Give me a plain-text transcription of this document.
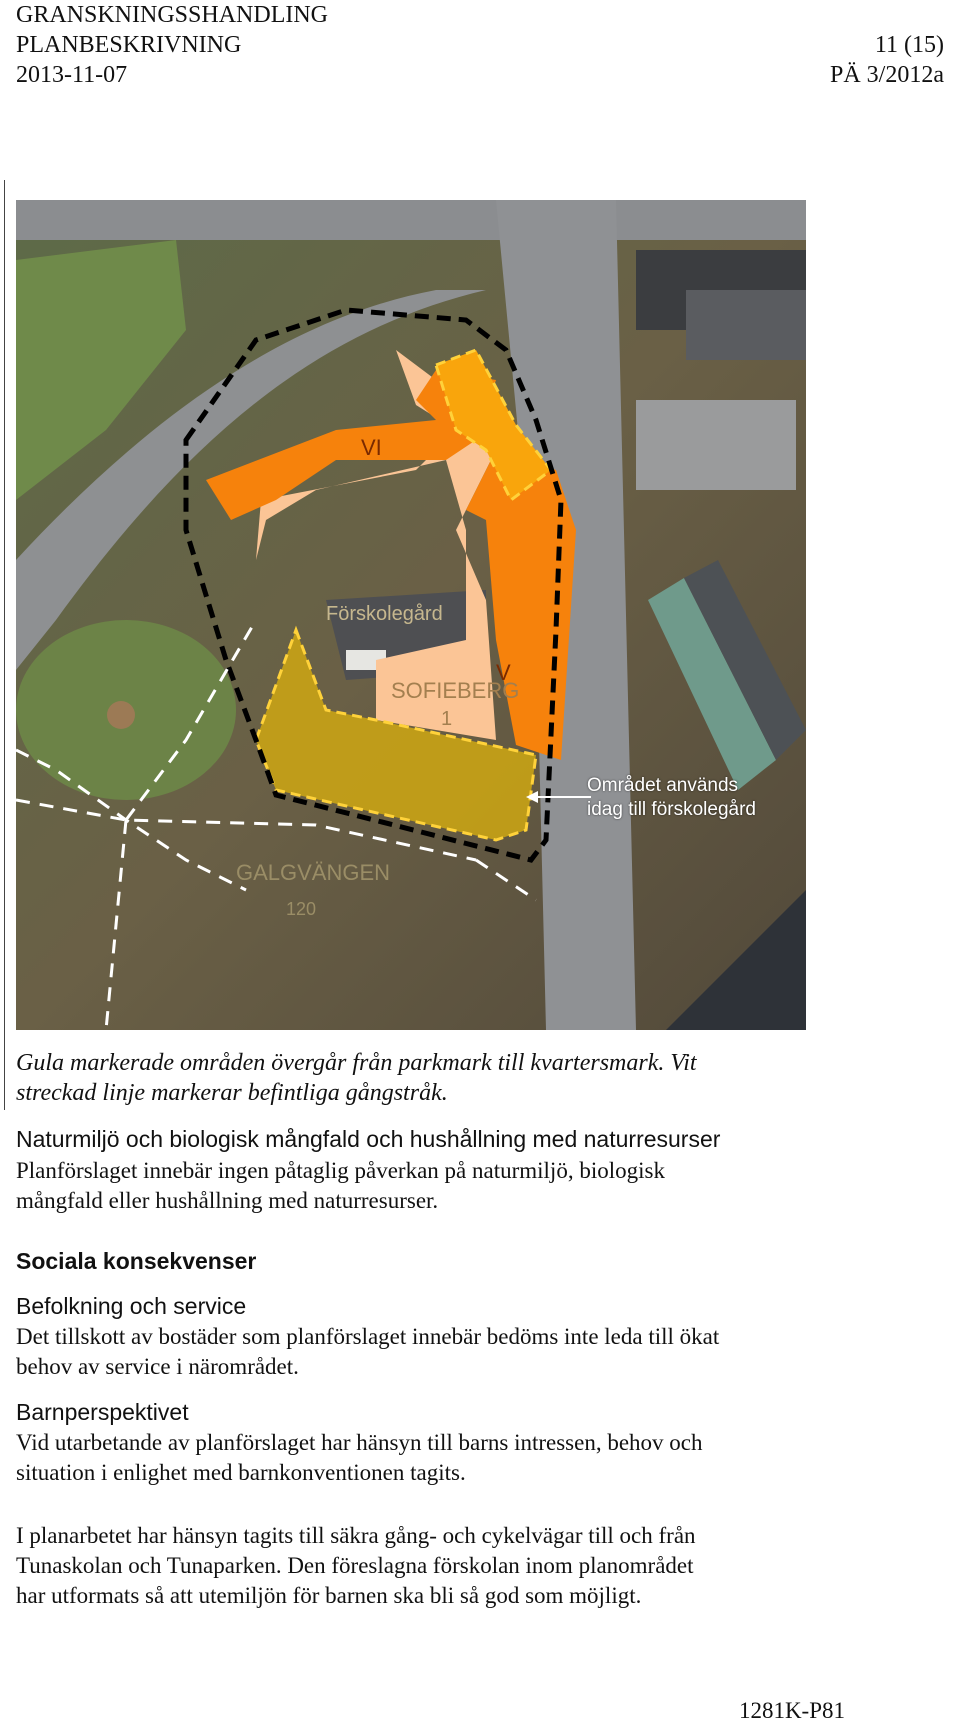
GRANSKNINGSSHANDLING
PLANBESKRIVNING
2013-11-07
11 (15)
PÄ 3/2012a
VI
V
Förskolegård
SOFIEBERG
1
GALGVÄNGEN
120
Området används
idag till förskolegård
Gula markerade områden övergår från parkmark till kvartersmark. Vit
streckad linje markerar befintliga gångstråk.
Naturmiljö och biologisk mångfald och hushållning med naturresurser
Planförslaget innebär ingen påtaglig påverkan på naturmiljö, biologisk
mångfald eller hushållning med naturresurser.
Sociala konsekvenser
Befolkning och service
Det tillskott av bostäder som planförslaget innebär bedöms inte leda till ökat
behov av service i närområdet.
Barnperspektivet
Vid utarbetande av planförslaget har hänsyn till barns intressen, behov och
situation i enlighet med barnkonventionen tagits.
I planarbetet har hänsyn tagits till säkra gång- och cykelvägar till och från
Tunaskolan och Tunaparken. Den föreslagna förskolan inom planområdet
har utformats så att utemiljön för barnen ska bli så god som möjligt.
1281K-P81
